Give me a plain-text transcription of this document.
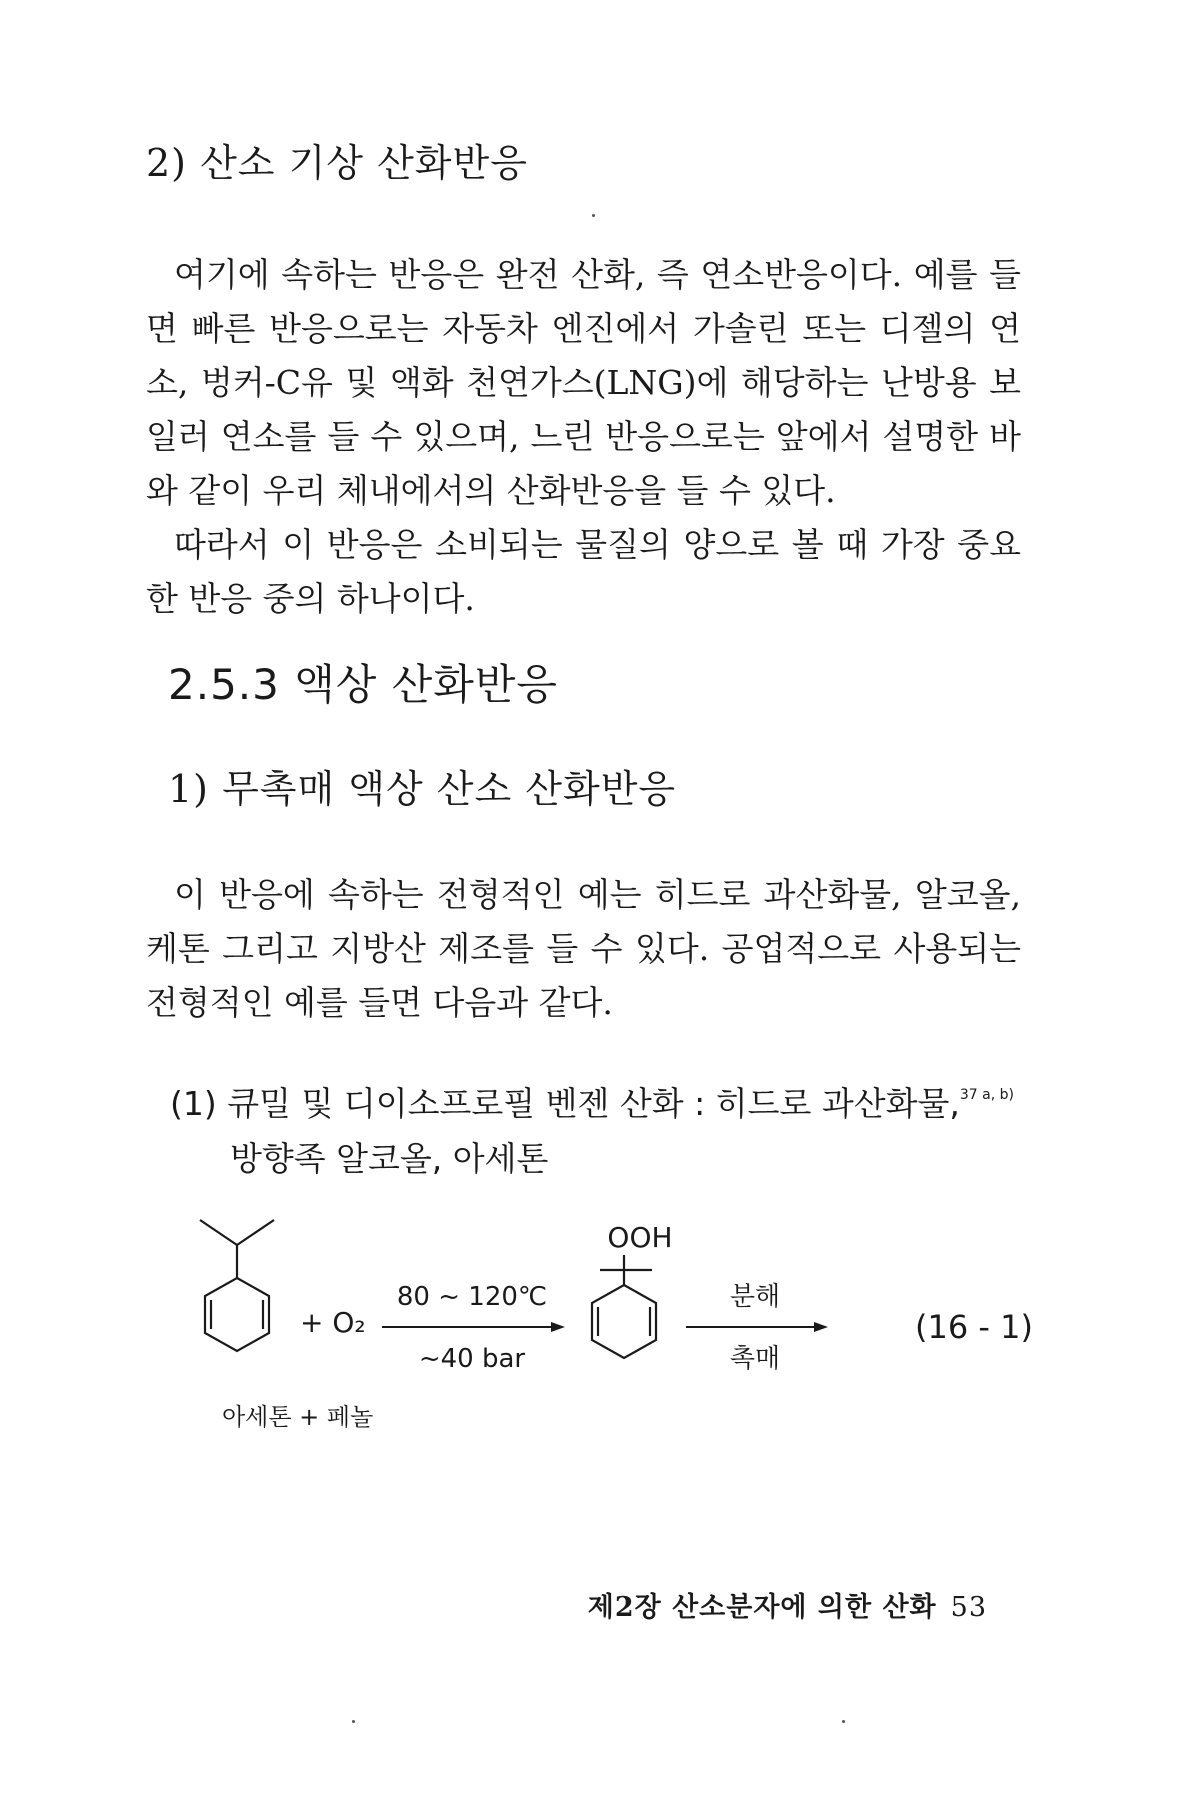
2) 산소 기상 산화반응

여기에 속하는 반응은 완전 산화, 즉 연소반응이다. 예를 들면 빠른 반응으로는 자동차 엔진에서 가솔린 또는 디젤의 연소, 벙커-C유 및 액화 천연가스(LNG)에 해당하는 난방용 보일러 연소를 들 수 있으며, 느린 반응으로는 앞에서 설명한 바와 같이 우리 체내에서의 산화반응을 들 수 있다.

따라서 이 반응은 소비되는 물질의 양으로 볼 때 가장 중요한 반응 중의 하나이다.

2.5.3 액상 산화반응
1) 무촉매 액상 산소 산화반응

이 반응에 속하는 전형적인 예는 히드로 과산화물, 알코올, 케톤 그리고 지방산 제조를 들 수 있다. 공업적으로 사용되는 전형적인 예를 들면 다음과 같다.

(1) 큐밀 및 디이소프로필 벤젠 산화 : 히드로 과산화물,$^{37 a, b)}$
방향족 알코올, 아세톤
+ O₂
80 ~ 120℃
~40 bar
OOH
분해
촉매
(16 - 1)
아세톤 + 페놀
제2장 산소분자에 의한 산화 53
